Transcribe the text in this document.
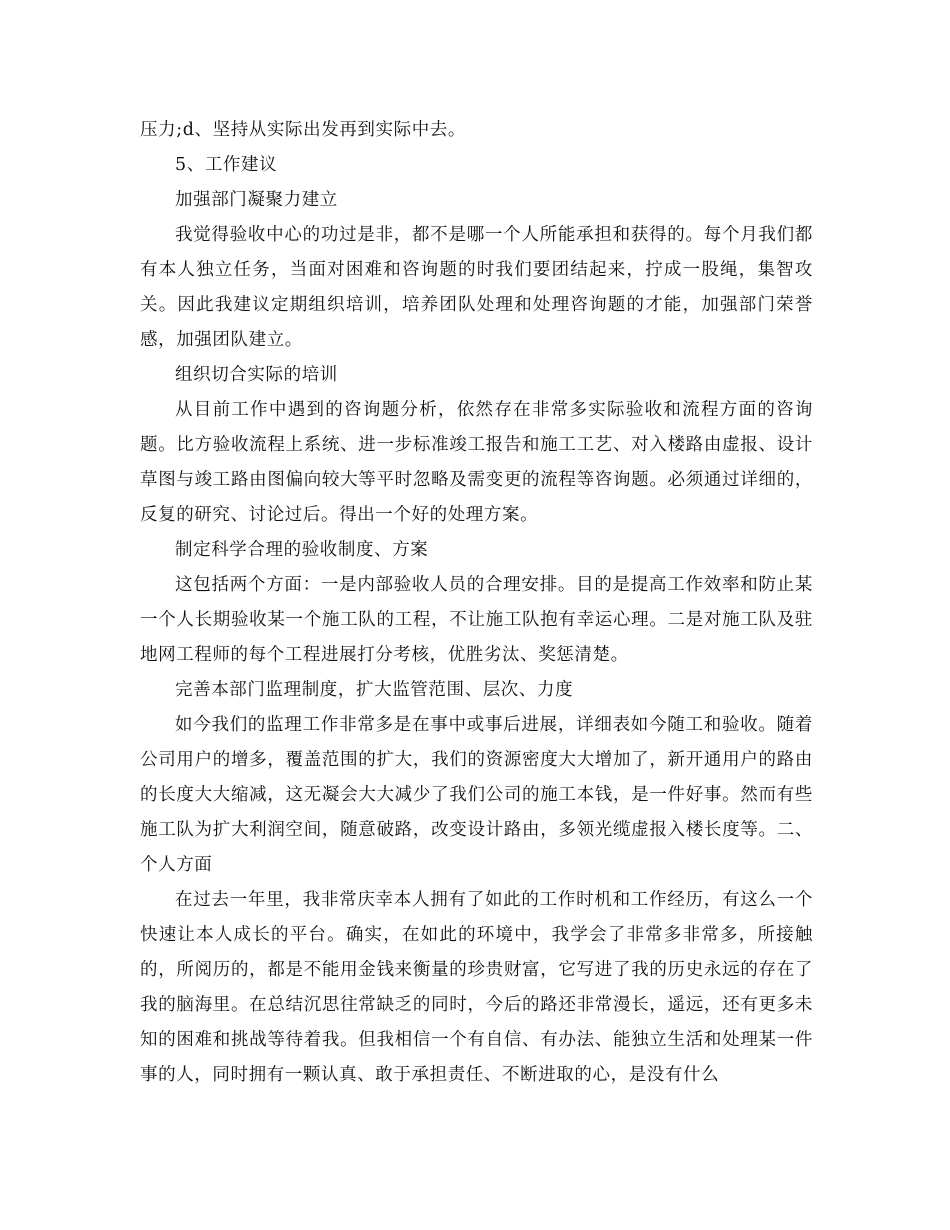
压力;d、坚持从实际出发再到实际中去。

5、工作建议

加强部门凝聚力建立

我觉得验收中心的功过是非，都不是哪一个人所能承担和获得的。每个月我们都有本人独立任务，当面对困难和咨询题的时我们要团结起来，拧成一股绳，集智攻关。因此我建议定期组织培训，培养团队处理和处理咨询题的才能，加强部门荣誉感，加强团队建立。

组织切合实际的培训

从目前工作中遇到的咨询题分析，依然存在非常多实际验收和流程方面的咨询题。比方验收流程上系统、进一步标准竣工报告和施工工艺、对入楼路由虚报、设计草图与竣工路由图偏向较大等平时忽略及需变更的流程等咨询题。必须通过详细的，反复的研究、讨论过后。得出一个好的处理方案。

制定科学合理的验收制度、方案

这包括两个方面：一是内部验收人员的合理安排。目的是提高工作效率和防止某一个人长期验收某一个施工队的工程，不让施工队抱有幸运心理。二是对施工队及驻地网工程师的每个工程进展打分考核，优胜劣汰、奖惩清楚。

完善本部门监理制度，扩大监管范围、层次、力度

如今我们的监理工作非常多是在事中或事后进展，详细表如今随工和验收。随着公司用户的增多，覆盖范围的扩大，我们的资源密度大大增加了，新开通用户的路由的长度大大缩减，这无凝会大大减少了我们公司的施工本钱，是一件好事。然而有些施工队为扩大利润空间，随意破路，改变设计路由，多领光缆虚报入楼长度等。二、个人方面

在过去一年里，我非常庆幸本人拥有了如此的工作时机和工作经历，有这么一个快速让本人成长的平台。确实，在如此的环境中，我学会了非常多非常多，所接触的，所阅历的，都是不能用金钱来衡量的珍贵财富，它写进了我的历史永远的存在了我的脑海里。在总结沉思往常缺乏的同时，今后的路还非常漫长，遥远，还有更多未知的困难和挑战等待着我。但我相信一个有自信、有办法、能独立生活和处理某一件事的人，同时拥有一颗认真、敢于承担责任、不断进取的心，是没有什么
